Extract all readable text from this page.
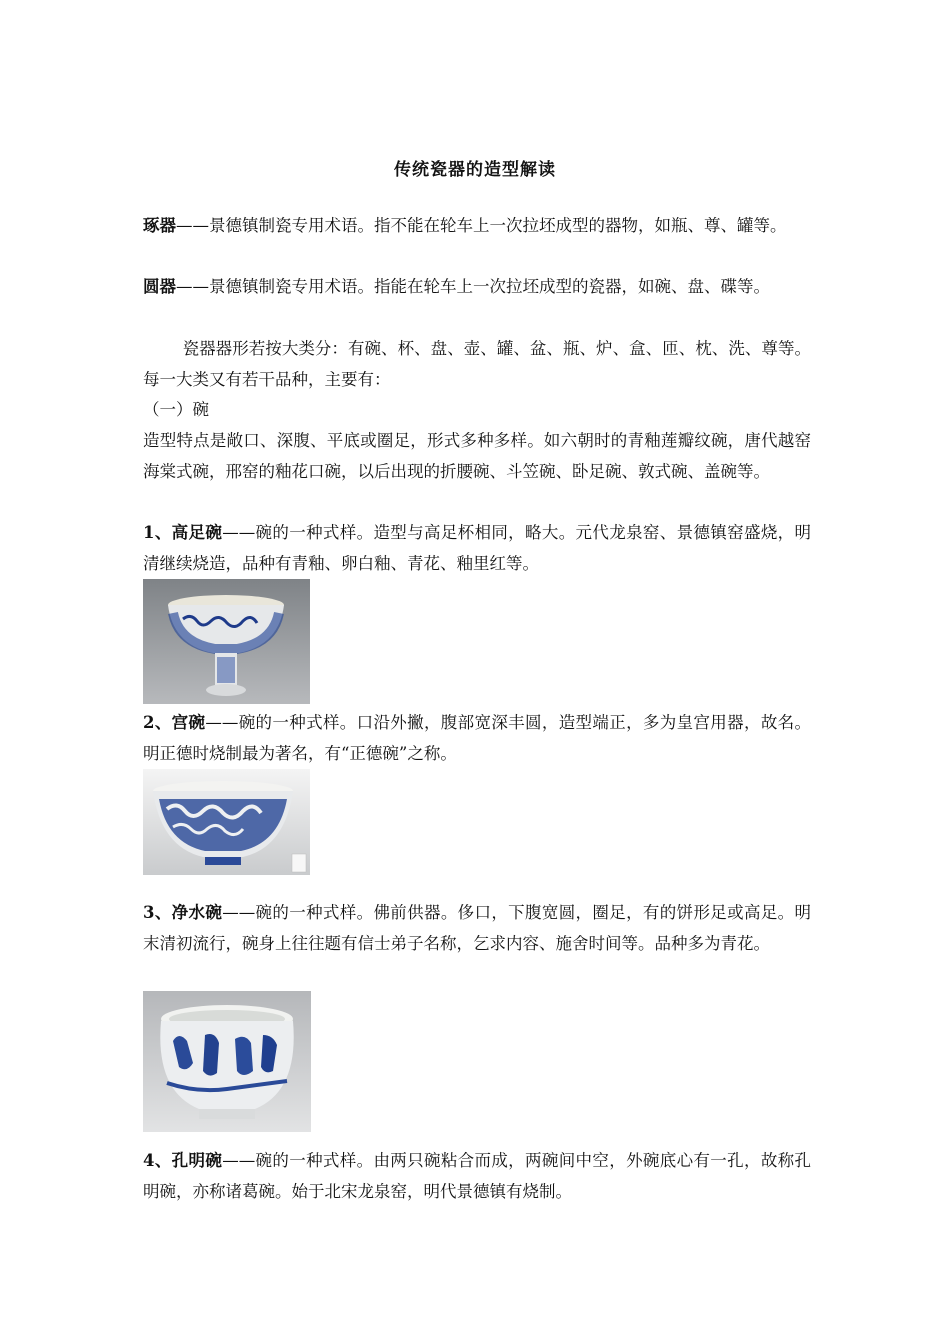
传统瓷器的造型解读

琢器——景德镇制瓷专用术语。指不能在轮车上一次拉坯成型的器物，如瓶、尊、罐等。

圆器——景德镇制瓷专用术语。指能在轮车上一次拉坯成型的瓷器，如碗、盘、碟等。

瓷器器形若按大类分：有碗、杯、盘、壶、罐、盆、瓶、炉、盒、匝、枕、洗、尊等。每一大类又有若干品种，主要有：

（一）碗

造型特点是敞口、深腹、平底或圈足，形式多种多样。如六朝时的青釉莲瓣纹碗，唐代越窑海棠式碗，邢窑的釉花口碗，以后出现的折腰碗、斗笠碗、卧足碗、敦式碗、盖碗等。

1、高足碗——碗的一种式样。造型与高足杯相同，略大。元代龙泉窑、景德镇窑盛烧，明清继续烧造，品种有青釉、卵白釉、青花、釉里红等。

2、宫碗——碗的一种式样。口沿外撇，腹部宽深丰圆，造型端正，多为皇宫用器，故名。明正德时烧制最为著名，有“正德碗”之称。

3、净水碗——碗的一种式样。佛前供器。侈口，下腹宽圆，圈足，有的饼形足或高足。明末清初流行，碗身上往往题有信士弟子名称，乞求内容、施舍时间等。品种多为青花。

4、孔明碗——碗的一种式样。由两只碗粘合而成，两碗间中空，外碗底心有一孔，故称孔明碗，亦称诸葛碗。始于北宋龙泉窑，明代景德镇有烧制。
